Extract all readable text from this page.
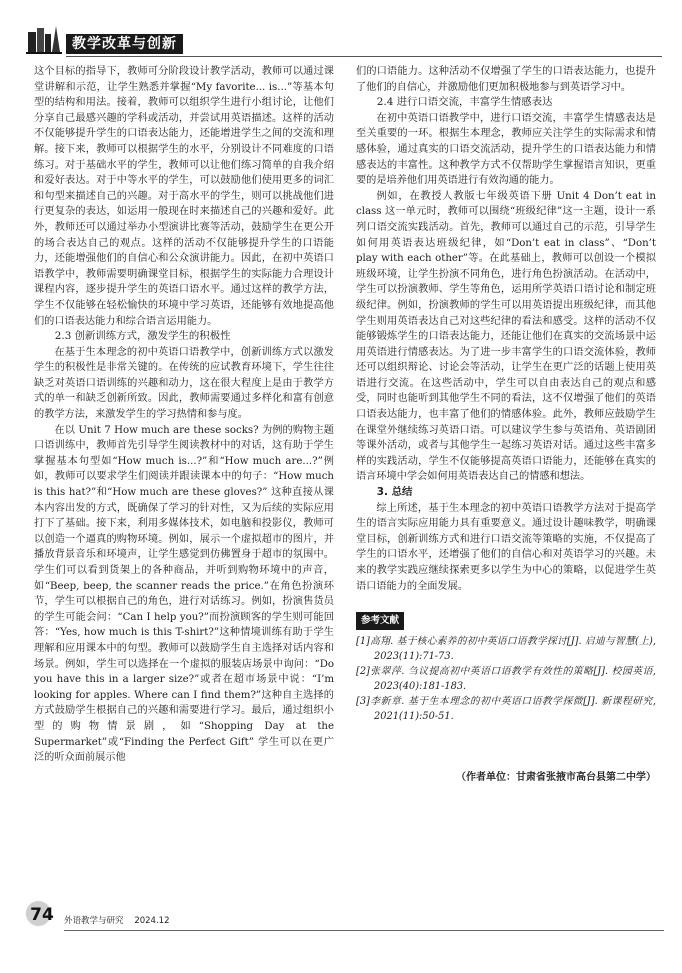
教学改革与创新

这个目标的指导下，教师可分阶段设计教学活动，教师可以通过课堂讲解和示范，让学生熟悉并掌握“My favorite... is...”等基本句型的结构和用法。接着，教师可以组织学生进行小组讨论，让他们分享自己最感兴趣的学科或活动，并尝试用英语描述。这样的活动不仅能够提升学生的口语表达能力，还能增进学生之间的交流和理解。接下来，教师可以根据学生的水平，分别设计不同难度的口语练习。对于基础水平的学生，教师可以让他们练习简单的自我介绍和爱好表达。对于中等水平的学生，可以鼓励他们使用更多的词汇和句型来描述自己的兴趣。对于高水平的学生，则可以挑战他们进行更复杂的表达，如运用一般现在时来描述自己的兴趣和爱好。此外，教师还可以通过举办小型演讲比赛等活动，鼓励学生在更公开的场合表达自己的观点。这样的活动不仅能够提升学生的口语能力，还能增强他们的自信心和公众演讲能力。因此，在初中英语口语教学中，教师需要明确课堂目标，根据学生的实际能力合理设计课程内容，逐步提升学生的英语口语水平。通过这样的教学方法，学生不仅能够在轻松愉快的环境中学习英语，还能够有效地提高他们的口语表达能力和综合语言运用能力。

2.3 创新训练方式，激发学生的积极性

在基于生本理念的初中英语口语教学中，创新训练方式以激发学生的积极性是非常关键的。在传统的应试教育环境下，学生往往缺乏对英语口语训练的兴趣和动力，这在很大程度上是由于教学方式的单一和缺乏创新所致。因此，教师需要通过多样化和富有创意的教学方法，来激发学生的学习热情和参与度。

在以 Unit 7 How much are these socks? 为例的购物主题口语训练中，教师首先引导学生阅读教材中的对话，这有助于学生掌握基本句型如“How much is...?”和“How much are...?”例如，教师可以要求学生们阅读并跟读课本中的句子：“How much is this hat?”和“How much are these gloves?” 这种直接从课本内容出发的方式，既确保了学习的针对性，又为后续的实际应用打下了基础。接下来，利用多媒体技术，如电脑和投影仪，教师可以创造一个逼真的购物环境。例如，展示一个虚拟超市的图片，并播放背景音乐和环境声，让学生感觉到仿佛置身于超市的氛围中。学生们可以看到货架上的各种商品，并听到购物环境中的声音，如“Beep, beep, the scanner reads the price.”在角色扮演环节，学生可以根据自己的角色，进行对话练习。例如，扮演售货员的学生可能会问：“Can I help you?”而扮演顾客的学生则可能回答：“Yes, how much is this T-shirt?”这种情境训练有助于学生理解和应用课本中的句型。教师可以鼓励学生自主选择对话内容和场景。例如，学生可以选择在一个虚拟的服装店场景中询问：“Do you have this in a larger size?”或者在超市场景中说：“I’m looking for apples. Where can I find them?”这种自主选择的方式鼓励学生根据自己的兴趣和需要进行学习。最后，通过组织小型的购物情景剧，如“Shopping Day at the Supermarket”或“Finding the Perfect Gift” 学生可以在更广泛的听众面前展示他

们的口语能力。这种活动不仅增强了学生的口语表达能力，也提升了他们的自信心，并激励他们更加积极地参与到英语学习中。

2.4 进行口语交流，丰富学生情感表达

在初中英语口语教学中，进行口语交流，丰富学生情感表达是至关重要的一环。根据生本理念，教师应关注学生的实际需求和情感体验，通过真实的口语交流活动，提升学生的口语表达能力和情感表达的丰富性。这种教学方式不仅帮助学生掌握语言知识，更重要的是培养他们用英语进行有效沟通的能力。

例如，在教授人教版七年级英语下册 Unit 4 Don’t eat in class 这一单元时，教师可以围绕“班级纪律”这一主题，设计一系列口语交流实践活动。首先，教师可以通过自己的示范，引导学生如何用英语表达班级纪律，如“Don’t eat in class”、“Don’t play with each other”等。在此基础上，教师可以创设一个模拟班级环境，让学生扮演不同角色，进行角色扮演活动。在活动中，学生可以扮演教师、学生等角色，运用所学英语口语讨论和制定班级纪律。例如，扮演教师的学生可以用英语提出班级纪律，而其他学生则用英语表达自己对这些纪律的看法和感受。这样的活动不仅能够锻炼学生的口语表达能力，还能让他们在真实的交流场景中运用英语进行情感表达。为了进一步丰富学生的口语交流体验，教师还可以组织辩论、讨论会等活动，让学生在更广泛的话题上使用英语进行交流。在这些活动中，学生可以自由表达自己的观点和感受，同时也能听到其他学生不同的看法，这不仅增强了他们的英语口语表达能力，也丰富了他们的情感体验。此外，教师应鼓励学生在课堂外继续练习英语口语。可以建议学生参与英语角、英语剧团等课外活动，或者与其他学生一起练习英语对话。通过这些丰富多样的实践活动，学生不仅能够提高英语口语能力，还能够在真实的语言环境中学会如何用英语表达自己的情感和想法。

3. 总结

综上所述，基于生本理念的初中英语口语教学方法对于提高学生的语言实际应用能力具有重要意义。通过设计趣味教学，明确课堂目标，创新训练方式和进行口语交流等策略的实施，不仅提高了学生的口语水平，还增强了他们的自信心和对英语学习的兴趣。未来的教学实践应继续探索更多以学生为中心的策略，以促进学生英语口语能力的全面发展。

参考文献

[1]高翔. 基于核心素养的初中英语口语教学探讨[J]. 启迪与智慧(上), 2023(11):71-73.

[2]张翠萍. 刍议提高初中英语口语教学有效性的策略[J]. 校园英语, 2023(40):181-183.

[3]李新章. 基于生本理念的初中英语口语教学探微[J]. 新课程研究, 2021(11):50-51.

（作者单位：甘肃省张掖市高台县第二中学）
74	外语教学与研究 2024.12
